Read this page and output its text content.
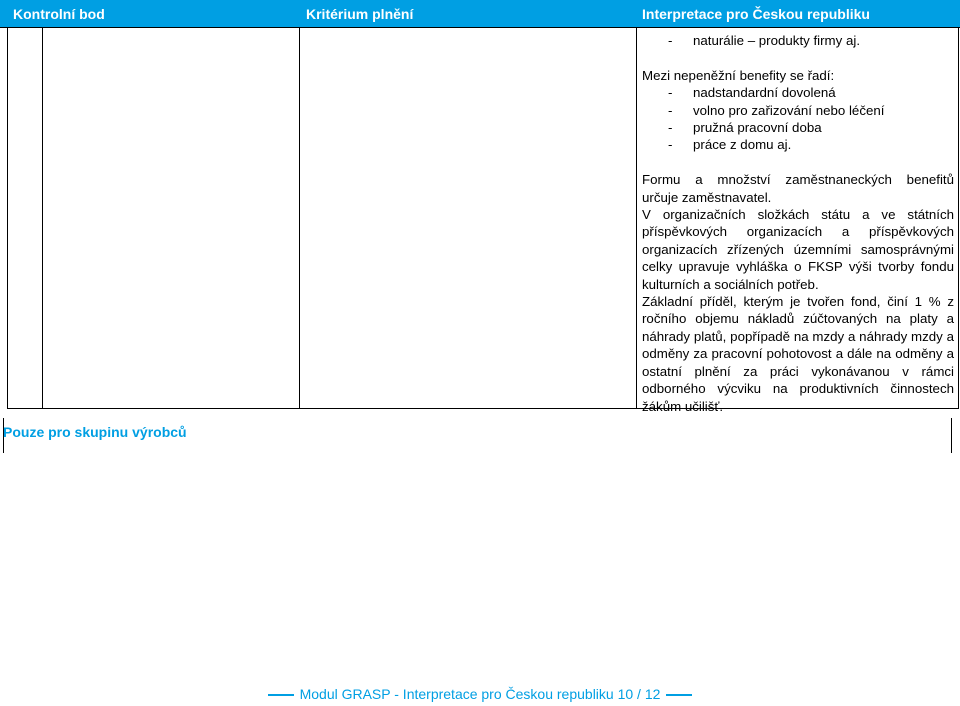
Kontrolní bod	Kritérium plnění	Interpretace pro Českou republiku

- naturálie – produkty firmy aj.

Mezi nepeněžní benefity se řadí:

- nadstandardní dovolená

- volno pro zařizování nebo léčení

- pružná pracovní doba

- práce z domu aj.

Formu a množství zaměstnaneckých benefitů

určuje zaměstnavatel.

V organizačních složkách státu a ve státních příspěvkových organizacích a příspěvkových organizacích zřízených územními samosprávnými celky upravuje vyhláška o FKSP výši tvorby fondu kulturních a sociálních potřeb.

Základní příděl, kterým je tvořen fond, činí 1 % z ročního objemu nákladů zúčtovaných na platy a náhrady platů, popřípadě na mzdy a náhrady mzdy a odměny za pracovní pohotovost a dále na odměny a ostatní plnění za práci vykonávanou v rámci odborného výcviku na produktivních činnostech žákům učilišť.

Pouze pro skupinu výrobců
Modul GRASP - Interpretace pro Českou republiku 10 / 12
